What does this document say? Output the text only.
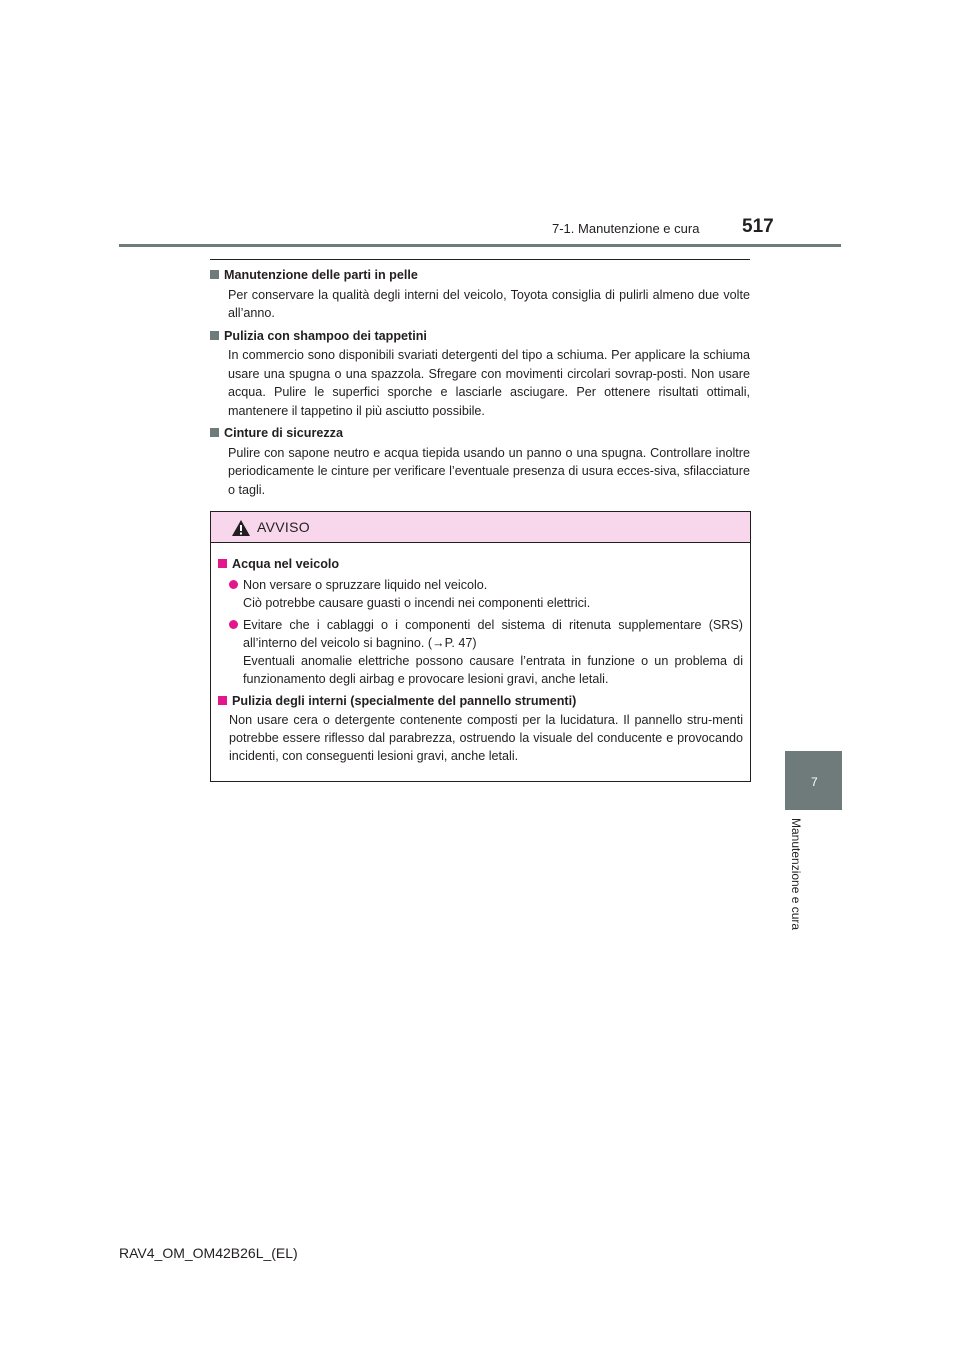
7-1. Manutenzione e cura 517

Manutenzione delle parti in pelle

Per conservare la qualità degli interni del veicolo, Toyota consiglia di pulirli almeno due volte all’anno.

Pulizia con shampoo dei tappetini

In commercio sono disponibili svariati detergenti del tipo a schiuma. Per applicare la schiuma usare una spugna o una spazzola. Sfregare con movimenti circolari sovrap-posti. Non usare acqua. Pulire le superfici sporche e lasciarle asciugare. Per ottenere risultati ottimali, mantenere il tappetino il più asciutto possibile.

Cinture di sicurezza

Pulire con sapone neutro e acqua tiepida usando un panno o una spugna. Controllare inoltre periodicamente le cinture per verificare l’eventuale presenza di usura ecces-siva, sfilacciature o tagli.

AVVISO

Acqua nel veicolo

Non versare o spruzzare liquido nel veicolo.
Ciò potrebbe causare guasti o incendi nei componenti elettrici.
Evitare che i cablaggi o i componenti del sistema di ritenuta supplementare (SRS) all’interno del veicolo si bagnino. (→P. 47)
Eventuali anomalie elettriche possono causare l’entrata in funzione o un problema di funzionamento degli airbag e provocare lesioni gravi, anche letali.

Pulizia degli interni (specialmente del pannello strumenti)

Non usare cera o detergente contenente composti per la lucidatura. Il pannello stru-menti potrebbe essere riflesso dal parabrezza, ostruendo la visuale del conducente e provocando incidenti, con conseguenti lesioni gravi, anche letali.

7
Manutenzione e cura
RAV4_OM_OM42B26L_(EL)
